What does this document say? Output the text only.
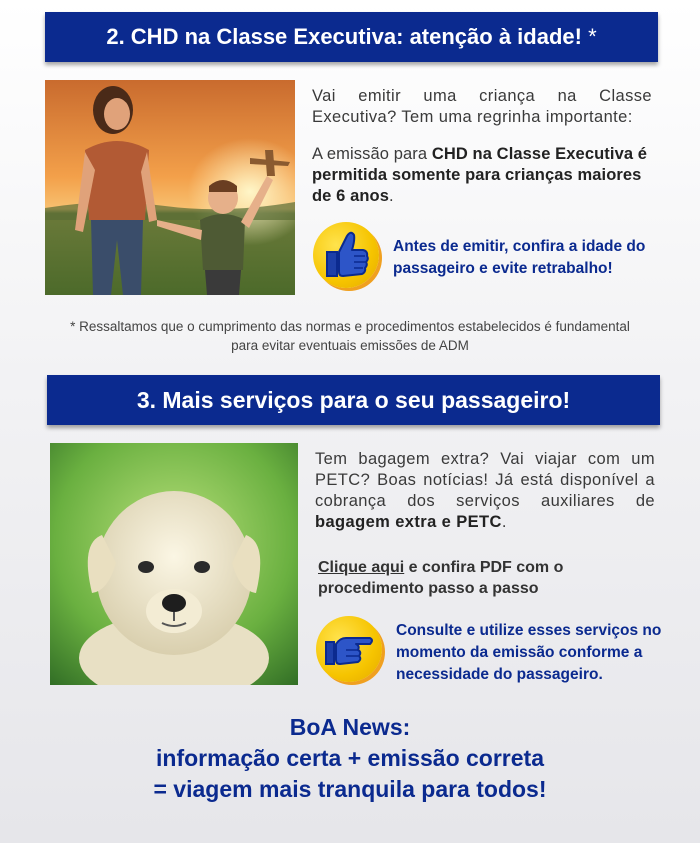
2. CHD na Classe Executiva: atenção à idade! *

Vai emitir uma criança na Classe Executiva? Tem uma regrinha importante:

A emissão para CHD na Classe Executiva é permitida somente para crianças maiores de 6 anos.

Antes de emitir, confira a idade do passageiro e evite retrabalho!

* Ressaltamos que o cumprimento das normas e procedimentos estabelecidos é fundamental para evitar eventuais emissões de ADM

3. Mais serviços para o seu passageiro!

Tem bagagem extra? Vai viajar com um PETC? Boas notícias! Já está disponível a cobrança dos serviços auxiliares de bagagem extra e PETC.

Clique aqui e confira PDF com o procedimento passo a passo

Consulte e utilize esses serviços no momento da emissão conforme a necessidade do passageiro.

BoA News:
informação certa + emissão correta
= viagem mais tranquila para todos!
